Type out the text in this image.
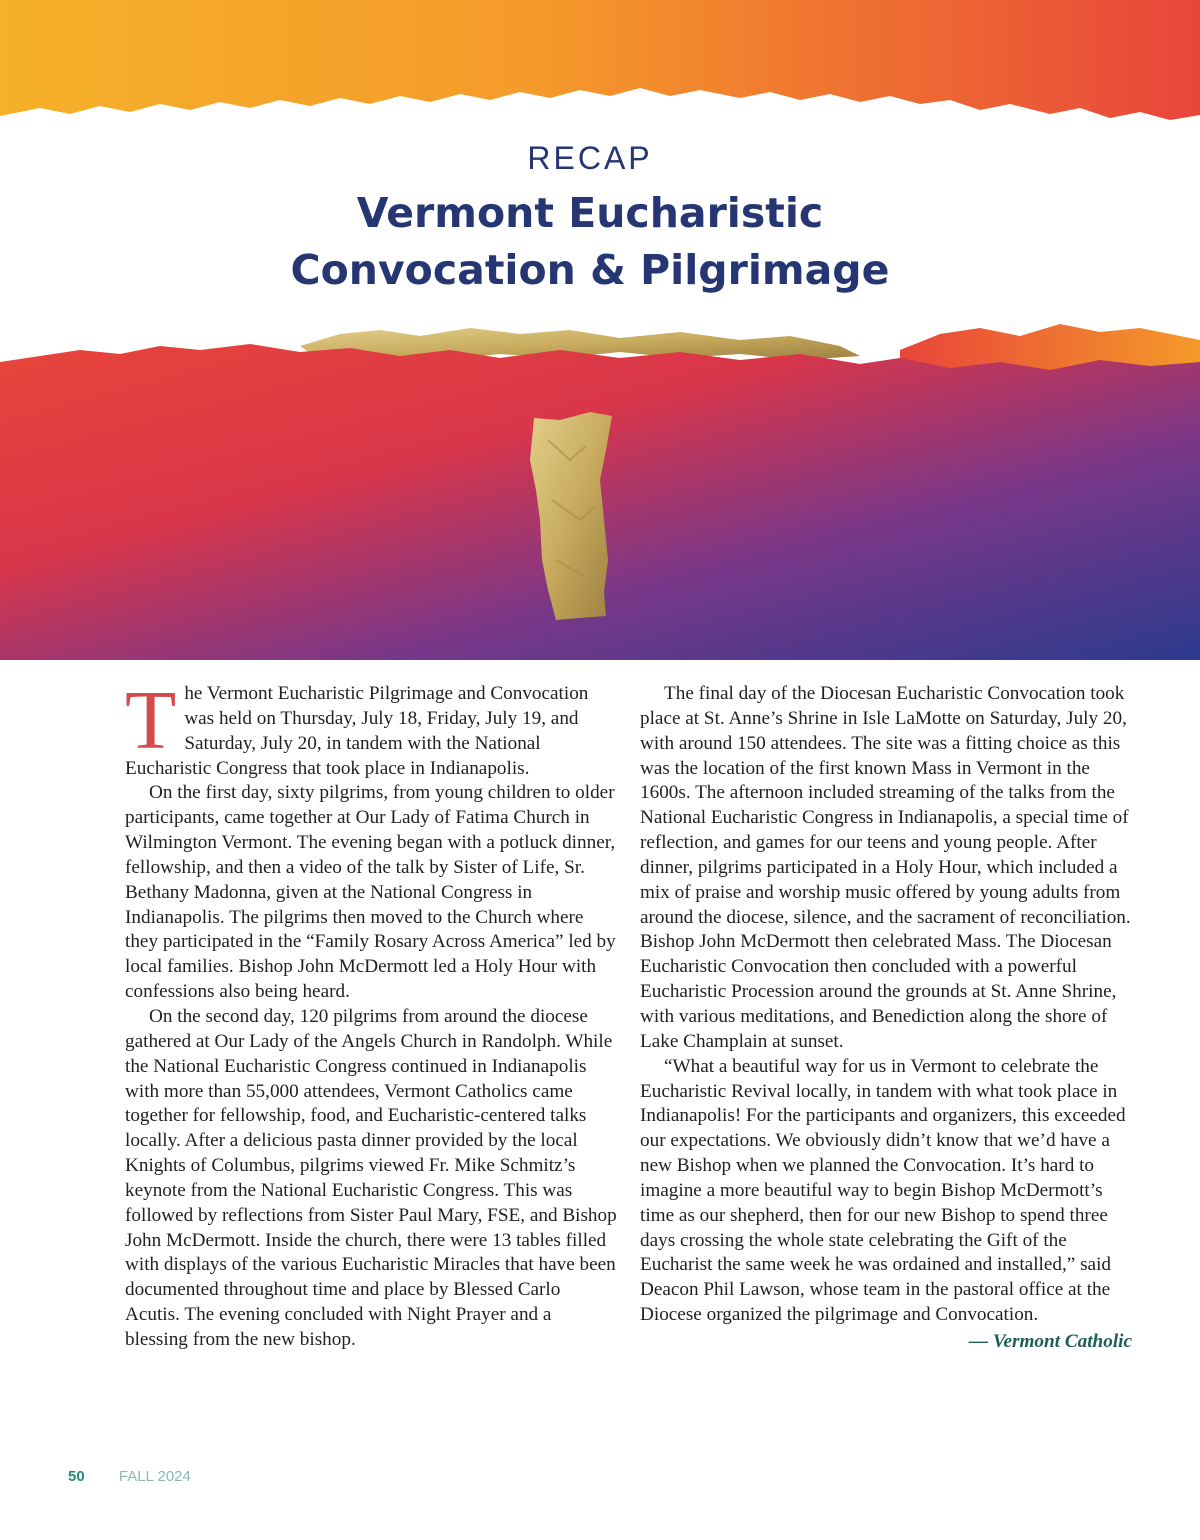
RECAP

Vermont Eucharistic
Convocation & Pilgrimage

The Vermont Eucharistic Pilgrimage and Convocation was held on Thursday, July 18, Friday, July 19, and Saturday, July 20, in tandem with the National Eucharistic Congress that took place in Indianapolis.

On the first day, sixty pilgrims, from young children to older participants, came together at Our Lady of Fatima Church in Wilmington Vermont. The evening began with a potluck dinner, fellowship, and then a video of the talk by Sister of Life, Sr. Bethany Madonna, given at the National Congress in Indianapolis. The pilgrims then moved to the Church where they participated in the “Family Rosary Across America” led by local families. Bishop John McDermott led a Holy Hour with confessions also being heard.

On the second day, 120 pilgrims from around the diocese gathered at Our Lady of the Angels Church in Randolph. While the National Eucharistic Congress continued in Indianapolis with more than 55,000 attendees, Vermont Catholics came together for fellowship, food, and Eucharistic-centered talks locally. After a delicious pasta dinner provided by the local Knights of Columbus, pilgrims viewed Fr. Mike Schmitz’s keynote from the National Eucharistic Congress. This was followed by reflections from Sister Paul Mary, FSE, and Bishop John McDermott. Inside the church, there were 13 tables filled with displays of the various Eucharistic Miracles that have been documented throughout time and place by Blessed Carlo Acutis. The evening concluded with Night Prayer and a blessing from the new bishop.

The final day of the Diocesan Eucharistic Convocation took place at St. Anne’s Shrine in Isle LaMotte on Saturday, July 20, with around 150 attendees. The site was a fitting choice as this was the location of the first known Mass in Vermont in the 1600s. The afternoon included streaming of the talks from the National Eucharistic Congress in Indianapolis, a special time of reflection, and games for our teens and young people. After dinner, pilgrims participated in a Holy Hour, which included a mix of praise and worship music offered by young adults from around the diocese, silence, and the sacrament of reconciliation. Bishop John McDermott then celebrated Mass. The Diocesan Eucharistic Convocation then concluded with a powerful Eucharistic Procession around the grounds at St. Anne Shrine, with various meditations, and Benediction along the shore of Lake Champlain at sunset.

“What a beautiful way for us in Vermont to celebrate the Eucharistic Revival locally, in tandem with what took place in Indianapolis! For the participants and organizers, this exceeded our expectations. We obviously didn’t know that we’d have a new Bishop when we planned the Convocation. It’s hard to imagine a more beautiful way to begin Bishop McDermott’s time as our shepherd, then for our new Bishop to spend three days crossing the whole state celebrating the Gift of the Eucharist the same week he was ordained and installed,” said Deacon Phil Lawson, whose team in the pastoral office at the Diocese organized the pilgrimage and Convocation.

— Vermont Catholic
50 FALL 2024
